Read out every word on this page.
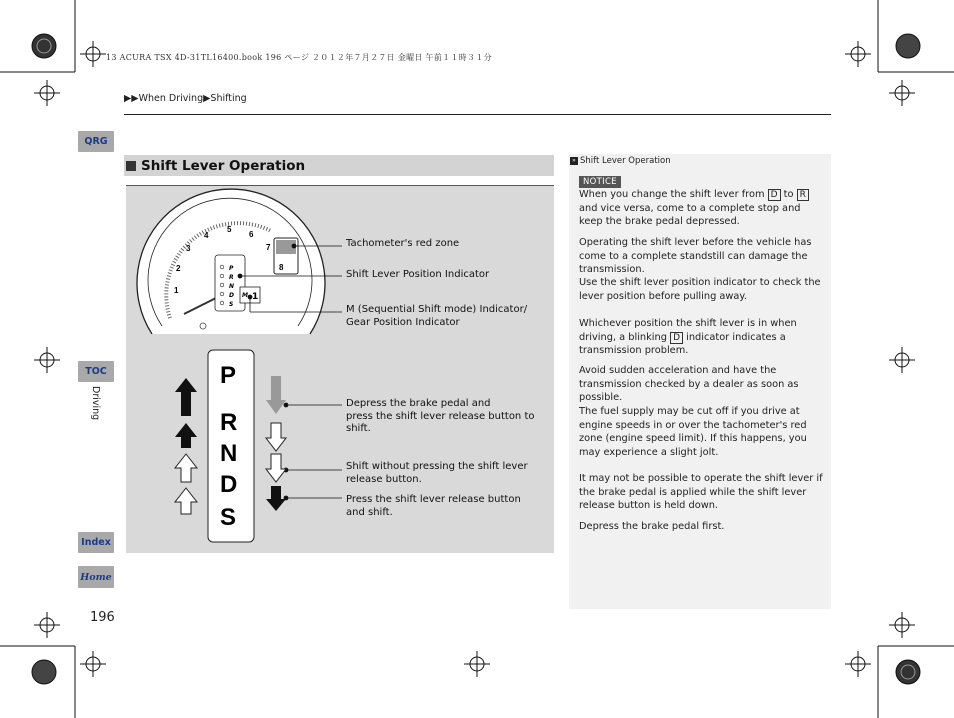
13 ACURA TSX 4D-31TL16400.book 196 ページ ２０１２年７月２７日 金曜日 午前１１時３１分
▶▶When Driving▶Shifting
QRG
TOC
Index
Home
Driving
196
Shift Lever Operation
1
2
3
4
5
6
7
8
P
R
N
D
S
M 1
P
R
N
D
S
Tachometer's red zone
Shift Lever Position Indicator
M (Sequential Shift mode) Indicator/
Gear Position Indicator
Depress the brake pedal and
press the shift lever release button to
shift.
Shift without pressing the shift lever
release button.
Press the shift lever release button
and shift.
» Shift Lever Operation
NOTICE
When you change the shift lever from D to R and vice versa, come to a complete stop and keep the brake pedal depressed.
Operating the shift lever before the vehicle has come to a complete standstill can damage the transmission.
Use the shift lever position indicator to check the lever position before pulling away.
Whichever position the shift lever is in when driving, a blinking D indicator indicates a transmission problem.
Avoid sudden acceleration and have the transmission checked by a dealer as soon as possible.
The fuel supply may be cut off if you drive at engine speeds in or over the tachometer's red zone (engine speed limit). If this happens, you may experience a slight jolt.
It may not be possible to operate the shift lever if the brake pedal is applied while the shift lever release button is held down.
Depress the brake pedal first.
